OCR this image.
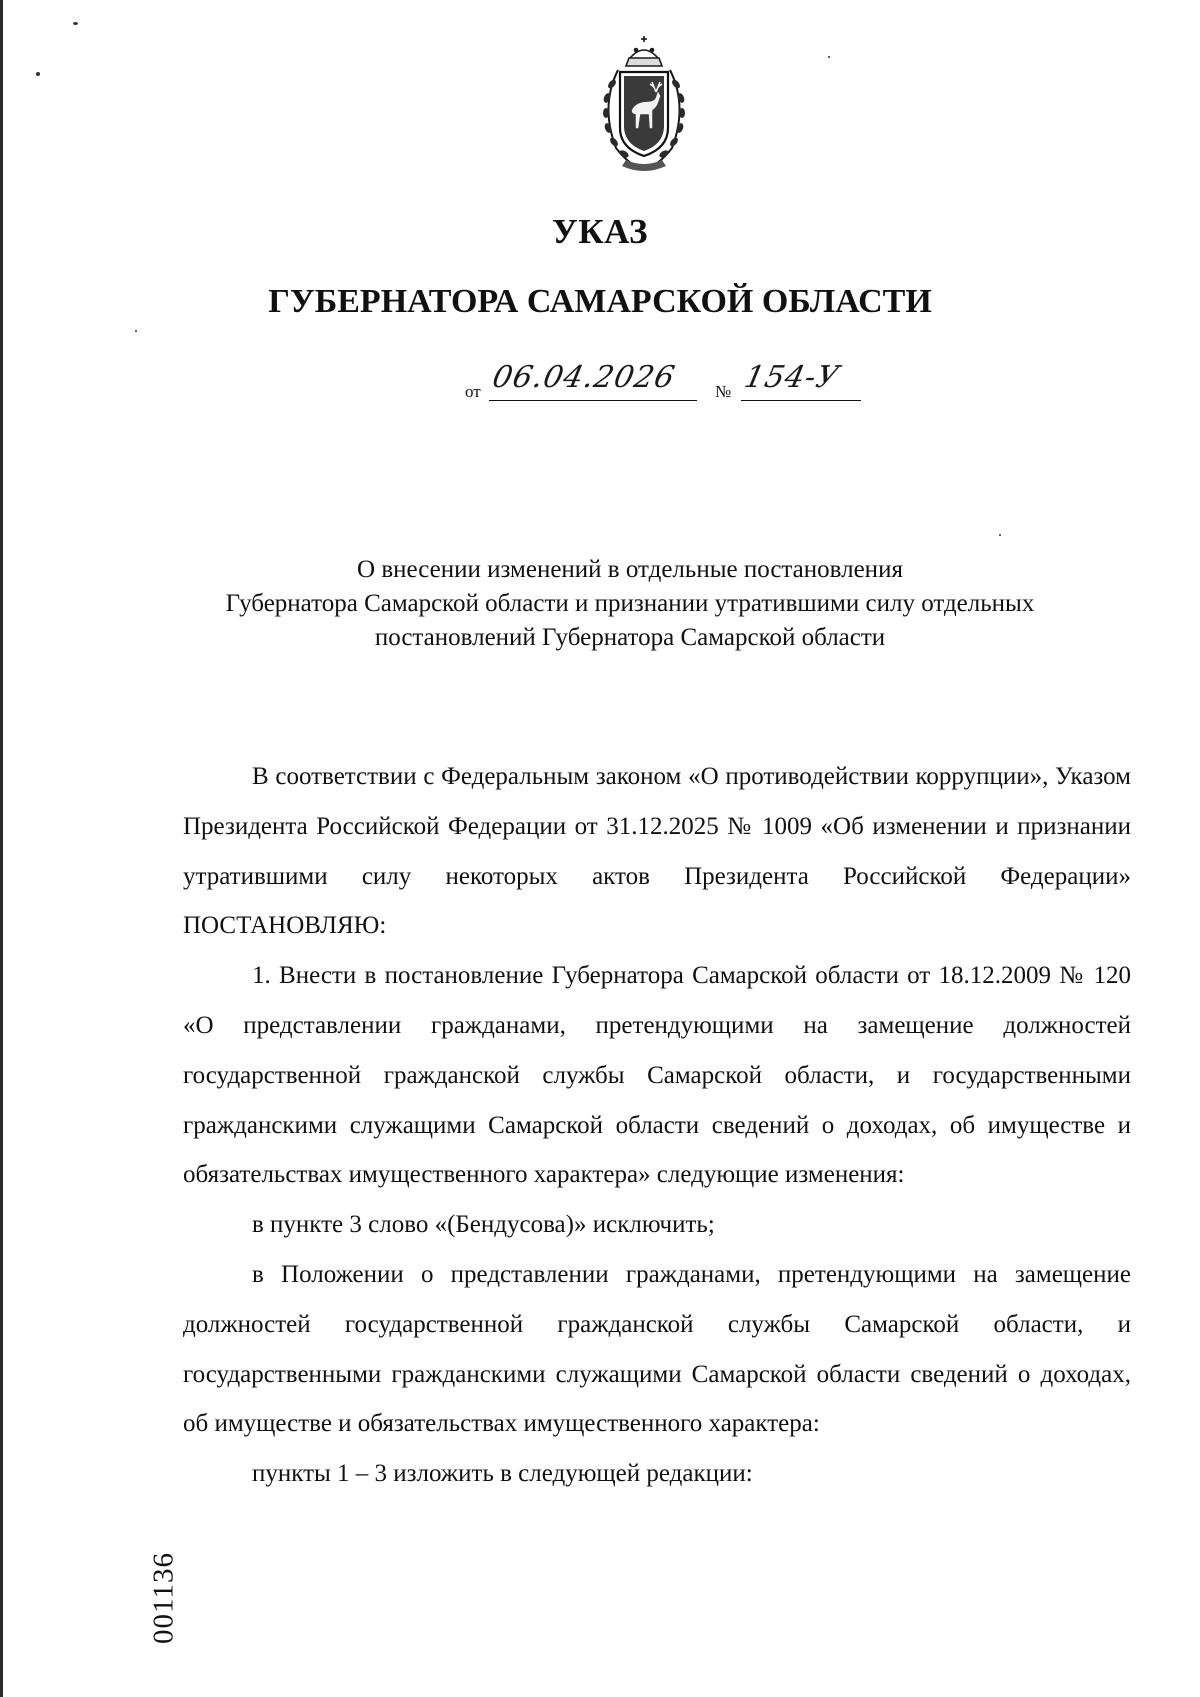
УКАЗ
ГУБЕРНАТОРА САМАРСКОЙ ОБЛАСТИ
от 06.04.2026 № 154-У
О внесении изменений в отдельные постановления
Губернатора Самарской области и признании утратившими силу отдельных
постановлений Губернатора Самарской области

В соответствии с Федеральным законом «О противодействии коррупции», Указом Президента Российской Федерации от 31.12.2025 № 1009 «Об изменении и признании утратившими силу некоторых актов Президента Российской Федерации» ПОСТАНОВЛЯЮ:

1. Внести в постановление Губернатора Самарской области от 18.12.2009 № 120 «О представлении гражданами, претендующими на замещение должностей государственной гражданской службы Самарской области, и государственными гражданскими служащими Самарской области сведений о доходах, об имуществе и обязательствах имущественного характера» следующие изменения:

в пункте 3 слово «(Бендусова)» исключить;

в Положении о представлении гражданами, претендующими на замещение должностей государственной гражданской службы Самарской области, и государственными гражданскими служащими Самарской области сведений о доходах, об имуществе и обязательствах имущественного характера:

пункты 1 – 3 изложить в следующей редакции:

001136
